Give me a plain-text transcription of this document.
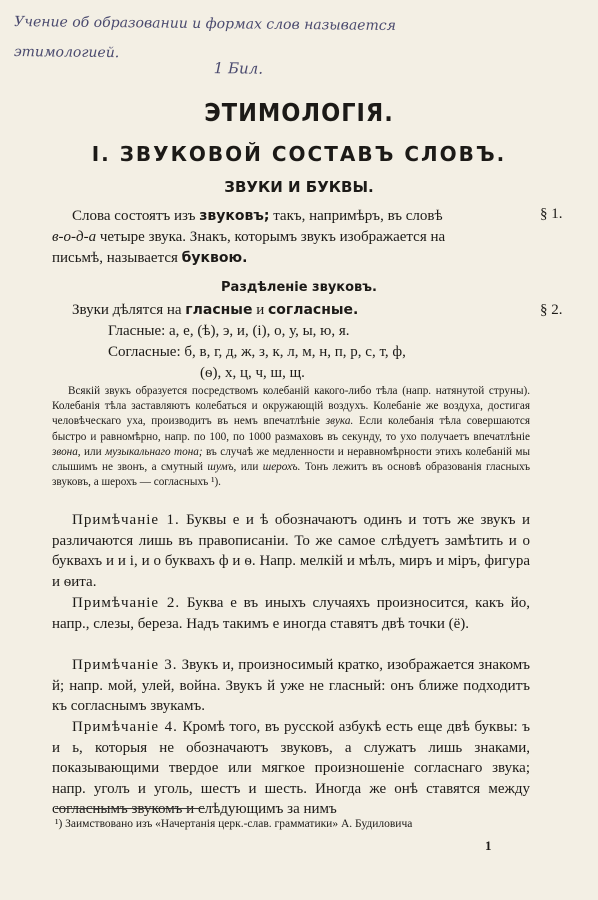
Учение об образовании и формах слов называется
этимологией.
1 Бил.
ЭТИМОЛОГІЯ.
I. ЗВУКОВОЙ СОСТАВЪ СЛОВЪ.
ЗВУКИ И БУКВЫ.
Слова состоятъ изъ звуковъ; такъ, напримѣръ, въ словѣ
в-о-д-а четыре звука. Знакъ, которымъ звукъ изображается на
письмѣ, называется буквою.
§ 1.
Раздѣленіе звуковъ.
Звуки дѣлятся на гласные и согласные.	§ 2.
Гласные: а, е, (ѣ), э, и, (і), о, у, ы, ю, я.
Согласные: б, в, г, д, ж, з, к, л, м, н, п, р, с, т, ф,
(ѳ), х, ц, ч, ш, щ.
Всякій звукъ образуется посредствомъ колебаній какого-либо тѣла (напр. натянутой струны). Колебанія тѣла заставляютъ колебаться и окружающій воздухъ. Колебаніе же воздуха, достигая человѣческаго уха, производитъ въ немъ впечатлѣніе звука. Если колебанія тѣла совершаются быстро и равномѣрно, напр. по 100, по 1000 размаховъ въ секунду, то ухо получаетъ впечатлѣніе звона, или музыкальнаго тона; въ случаѣ же медленности и неравномѣрности этихъ колебаній мы слышимъ не звонъ, а смутный шумъ, или шерохъ. Тонъ лежитъ въ основѣ образованія гласныхъ звуковъ, а шерохъ — согласныхъ ¹).
Примѣчаніе 1. Буквы е и ѣ обозначаютъ одинъ и тотъ же звукъ и различаются лишь въ правописаніи. То же самое слѣдуетъ замѣтить и о буквахъ и и і, и о буквахъ ф и ѳ. Напр. мелкій и мѣлъ, миръ и міръ, фигура и ѳита.
Примѣчаніе 2. Буква е въ иныхъ случаяхъ произносится, какъ йо, напр., слезы, береза. Надъ такимъ е иногда ставятъ двѣ точки (ё).
Примѣчаніе 3. Звукъ и, произносимый кратко, изображается знакомъ й; напр. мой, улей, война. Звукъ й уже не гласный: онъ ближе подходитъ къ согласнымъ звукамъ.
Примѣчаніе 4. Кромѣ того, въ русской азбукѣ есть еще двѣ буквы: ъ и ь, которыя не обозначаютъ звуковъ, а служатъ лишь знаками, показывающими твердое или мягкое произношеніе согласнаго звука; напр. уголъ и уголь, шестъ и шесть. Иногда же онѣ ставятся между согласнымъ звукомъ и слѣдующимъ за нимъ
¹) Заимствовано изъ «Начертанія церк.-слав. грамматики» А. Будиловича
1
